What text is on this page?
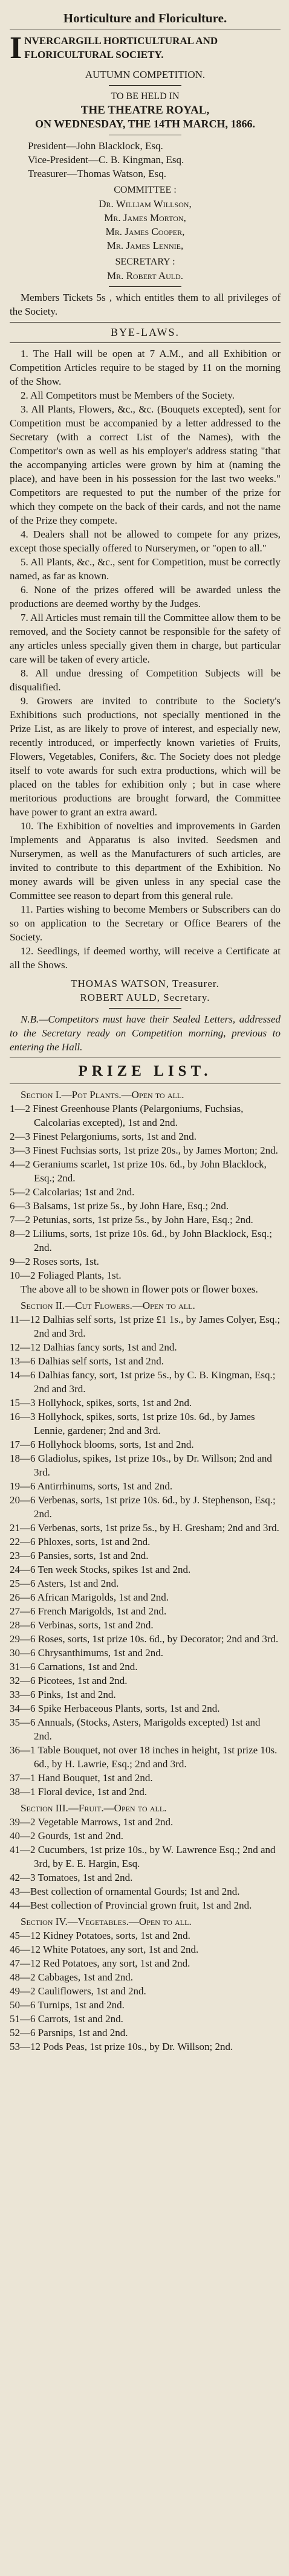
Horticulture and Floriculture.
I NVERCARGILL HORTICULTURAL AND
FLORICULTURAL SOCIETY.
AUTUMN COMPETITION.
TO BE HELD IN
THE THEATRE ROYAL,
ON WEDNESDAY, THE 14TH MARCH, 1866.
President—John Blacklock, Esq.
Vice-President—C. B. Kingman, Esq.
Treasurer—Thomas Watson, Esq.
COMMITTEE :
Dr. William Willson,
Mr. James Morton,
Mr. James Cooper,
Mr. James Lennie,
SECRETARY :
Mr. Robert Auld.
Members Tickets 5s , which entitles them to all privileges of the Society.
BYE-LAWS.
1. The Hall will be open at 7 A.M., and all Exhibition or Competition Articles require to be staged by 11 on the morning of the Show.
2. All Competitors must be Members of the Society.
3. All Plants, Flowers, &c., &c. (Bouquets excepted), sent for Competition must be accompanied by a letter addressed to the Secretary (with a correct List of the Names), with the Competitor's own as well as his employer's address stating "that the accompanying articles were grown by him at (naming the place), and have been in his possession for the last two weeks." Competitors are requested to put the number of the prize for which they compete on the back of their cards, and not the name of the Prize they compete.
4. Dealers shall not be allowed to compete for any prizes, except those specially offered to Nurserymen, or "open to all."
5. All Plants, &c., &c., sent for Competition, must be correctly named, as far as known.
6. None of the prizes offered will be awarded unless the productions are deemed worthy by the Judges.
7. All Articles must remain till the Committee allow them to be removed, and the Society cannot be responsible for the safety of any articles unless specially given them in charge, but particular care will be taken of every article.
8. All undue dressing of Competition Subjects will be disqualified.
9. Growers are invited to contribute to the Society's Exhibitions such productions, not specially mentioned in the Prize List, as are likely to prove of interest, and especially new, recently introduced, or imperfectly known varieties of Fruits, Flowers, Vegetables, Conifers, &c. The Society does not pledge itself to vote awards for such extra productions, which will be placed on the tables for exhibition only ; but in case where meritorious productions are brought forward, the Committee have power to grant an extra award.
10. The Exhibition of novelties and improvements in Garden Implements and Apparatus is also invited. Seedsmen and Nurserymen, as well as the Manufacturers of such articles, are invited to contribute to this department of the Exhibition. No money awards will be given unless in any special case the Committee see reason to depart from this general rule.
11. Parties wishing to become Members or Subscribers can do so on application to the Secretary or Office Bearers of the Society.
12. Seedlings, if deemed worthy, will receive a Certificate at all the Shows.
THOMAS WATSON, Treasurer.
ROBERT AULD, Secretary.
N.B.—Competitors must have their Sealed Letters, addressed to the Secretary ready on Competition morning, previous to entering the Hall.
PRIZE LIST.
Section I.—Pot Plants.—Open to all.
1—2 Finest Greenhouse Plants (Pelargoniums, Fuchsias, Calcolarias excepted), 1st and 2nd.
2—3 Finest Pelargoniums, sorts, 1st and 2nd.
3—3 Finest Fuchsias sorts, 1st prize 20s., by James Morton; 2nd.
4—2 Geraniums scarlet, 1st prize 10s. 6d., by John Blacklock, Esq.; 2nd.
5—2 Calcolarias; 1st and 2nd.
6—3 Balsams, 1st prize 5s., by John Hare, Esq.; 2nd.
7—2 Petunias, sorts, 1st prize 5s., by John Hare, Esq.; 2nd.
8—2 Liliums, sorts, 1st prize 10s. 6d., by John Blacklock, Esq.; 2nd.
9—2 Roses sorts, 1st.
10—2 Foliaged Plants, 1st.
The above all to be shown in flower pots or flower boxes.
Section II.—Cut Flowers.—Open to all.
11—12 Dalhias self sorts, 1st prize £1 1s., by James Colyer, Esq.; 2nd and 3rd.
12—12 Dalhias fancy sorts, 1st and 2nd.
13—6 Dalhias self sorts, 1st and 2nd.
14—6 Dalhias fancy, sort, 1st prize 5s., by C. B. Kingman, Esq.; 2nd and 3rd.
15—3 Hollyhock, spikes, sorts, 1st and 2nd.
16—3 Hollyhock, spikes, sorts, 1st prize 10s. 6d., by James Lennie, gardener; 2nd and 3rd.
17—6 Hollyhock blooms, sorts, 1st and 2nd.
18—6 Gladiolus, spikes, 1st prize 10s., by Dr. Willson; 2nd and 3rd.
19—6 Antirrhinums, sorts, 1st and 2nd.
20—6 Verbenas, sorts, 1st prize 10s. 6d., by J. Stephenson, Esq.; 2nd.
21—6 Verbenas, sorts, 1st prize 5s., by H. Gresham; 2nd and 3rd.
22—6 Phloxes, sorts, 1st and 2nd.
23—6 Pansies, sorts, 1st and 2nd.
24—6 Ten week Stocks, spikes 1st and 2nd.
25—6 Asters, 1st and 2nd.
26—6 African Marigolds, 1st and 2nd.
27—6 French Marigolds, 1st and 2nd.
28—6 Verbinas, sorts, 1st and 2nd.
29—6 Roses, sorts, 1st prize 10s. 6d., by Decorator; 2nd and 3rd.
30—6 Chrysanthimums, 1st and 2nd.
31—6 Carnations, 1st and 2nd.
32—6 Picotees, 1st and 2nd.
33—6 Pinks, 1st and 2nd.
34—6 Spike Herbaceous Plants, sorts, 1st and 2nd.
35—6 Annuals, (Stocks, Asters, Marigolds excepted) 1st and 2nd.
36—1 Table Bouquet, not over 18 inches in height, 1st prize 10s. 6d., by H. Lawrie, Esq.; 2nd and 3rd.
37—1 Hand Bouquet, 1st and 2nd.
38—1 Floral device, 1st and 2nd.
Section III.—Fruit.—Open to all.
39—2 Vegetable Marrows, 1st and 2nd.
40—2 Gourds, 1st and 2nd.
41—2 Cucumbers, 1st prize 10s., by W. Lawrence Esq.; 2nd and 3rd, by E. E. Hargin, Esq.
42—3 Tomatoes, 1st and 2nd.
43—Best collection of ornamental Gourds; 1st and 2nd.
44—Best collection of Provincial grown fruit, 1st and 2nd.
Section IV.—Vegetables.—Open to all.
45—12 Kidney Potatoes, sorts, 1st and 2nd.
46—12 White Potatoes, any sort, 1st and 2nd.
47—12 Red Potatoes, any sort, 1st and 2nd.
48—2 Cabbages, 1st and 2nd.
49—2 Cauliflowers, 1st and 2nd.
50—6 Turnips, 1st and 2nd.
51—6 Carrots, 1st and 2nd.
52—6 Parsnips, 1st and 2nd.
53—12 Pods Peas, 1st prize 10s., by Dr. Willson; 2nd.
